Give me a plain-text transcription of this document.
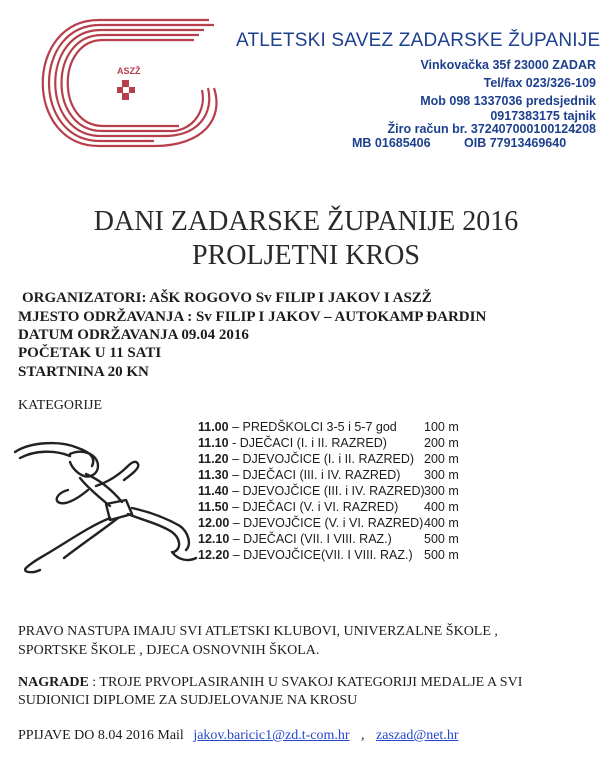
ASZŽ
ATLETSKI SAVEZ ZADARSKE ŽUPANIJE
Vinkovačka 35f 23000 ZADAR
Tel/fax 023/326-109
Mob 098 1337036 predsjednik
0917383175 tajnik
Žiro račun br. 372407000100124208
MB 01685406	OIB 77913469640
DANI ZADARSKE ŽUPANIJE 2016
PROLJETNI KROS
ORGANIZATORI: AŠK ROGOVO Sv FILIP I JAKOV I ASZŽ
MJESTO ODRŽAVANJA : Sv FILIP I JAKOV – AUTOKAMP ĐARDIN
DATUM ODRŽAVANJA 09.04 2016
POČETAK U 11 SATI
STARTNINA 20 KN
KATEGORIJE
11.00 – PREDŠKOLCI 3-5 i 5-7 god 100 m
11.10 - DJEČACI (I. i II. RAZRED)	200 m
11.20 – DJEVOJČICE (I. i II. RAZRED) 200 m
11.30 – DJEČACI (III. i IV. RAZRED) 300 m
11.40 – DJEVOJČICE (III. i IV. RAZRED) 300 m
11.50 – DJEČACI (V. i VI. RAZRED) 400 m
12.00 – DJEVOJČICE (V. i VI. RAZRED) 400 m
12.10 – DJEČACI (VII. I VIII. RAZ.)	500 m
12.20 – DJEVOJČICE(VII. I VIII. RAZ.) 500 m
PRAVO NASTUPA IMAJU SVI ATLETSKI KLUBOVI, UNIVERZALNE ŠKOLE ,
SPORTSKE ŠKOLE , DJECA OSNOVNIH ŠKOLA.
NAGRADE : TROJE PRVOPLASIRANIH U SVAKOJ KATEGORIJI MEDALJE A SVI
SUDIONICI DIPLOME ZA SUDJELOVANJE NA KROSU
PPIJAVE DO 8.04 2016 Mail jakov.baricic1@zd.t-com.hr , zaszad@net.hr
